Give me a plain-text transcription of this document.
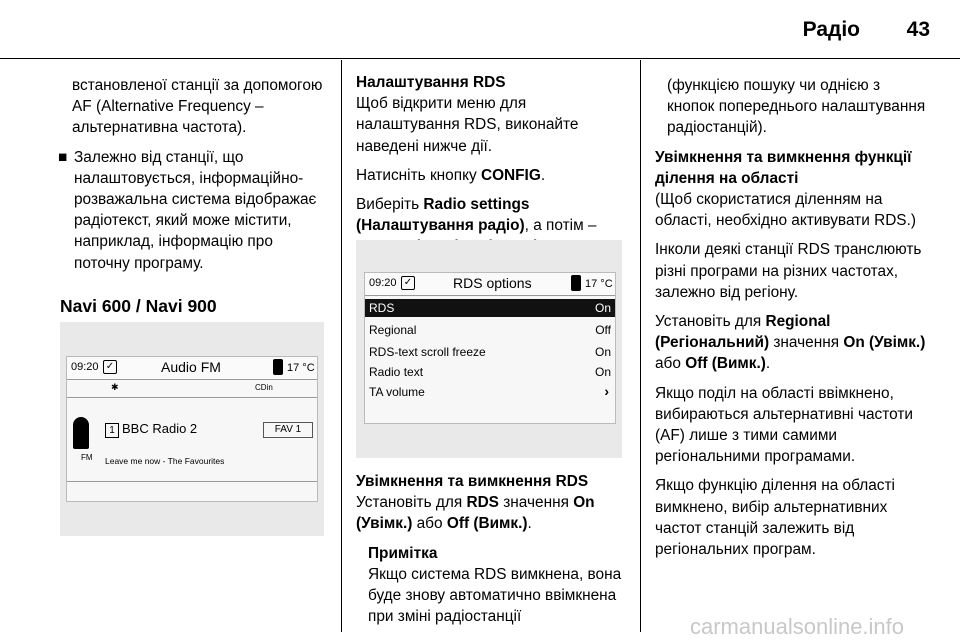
Радіо	43

встановленої станції за допомогою AF (Alternative Frequency – альтернативна частота).

■ Залежно від станції, що налаштовується, інформаційно-розважальна система відображає радіотекст, який може містити, наприклад, інформацію про поточну програму.

Navi 600 / Navi 900
09:20 ✓	Audio FM	17 °C
✱	CDin
1 BBC Radio 2	FAV 1
FM Leave me now - The Favourites

Налаштування RDS

Щоб відкрити меню для налаштування RDS, виконайте наведені нижче дії.

Натисніть кнопку CONFIG.

Виберіть Radio settings (Налаштування радіо), а потім –

09:20 ✓	RDS options	17 °C
RDS	On
Regional	Off
RDS-text scroll freeze	On
Radio text	On
TA volume	›

Увімкнення та вимкнення RDS

Установіть для RDS значення On (Увімк.) або Off (Вимк.).

Примітка

Якщо система RDS вимкнена, вона буде знову автоматично ввімкнена при зміні радіостанції

(функцією пошуку чи однією з кнопок попереднього налаштування радіостанцій).

Увімкнення та вимкнення функції ділення на області

(Щоб скористатися діленням на області, необхідно активувати RDS.)

Інколи деякі станції RDS транслюють різні програми на різних частотах, залежно від регіону.

Установіть для Regional (Регіональний) значення On (Увімк.) або Off (Вимк.).

Якщо поділ на області ввімкнено, вибираються альтернативні частоти (AF) лише з тими самими регіональними програмами.

Якщо функцію ділення на області вимкнено, вибір альтернативних частот станцій залежить від регіональних програм.

carmanualsonline.info
